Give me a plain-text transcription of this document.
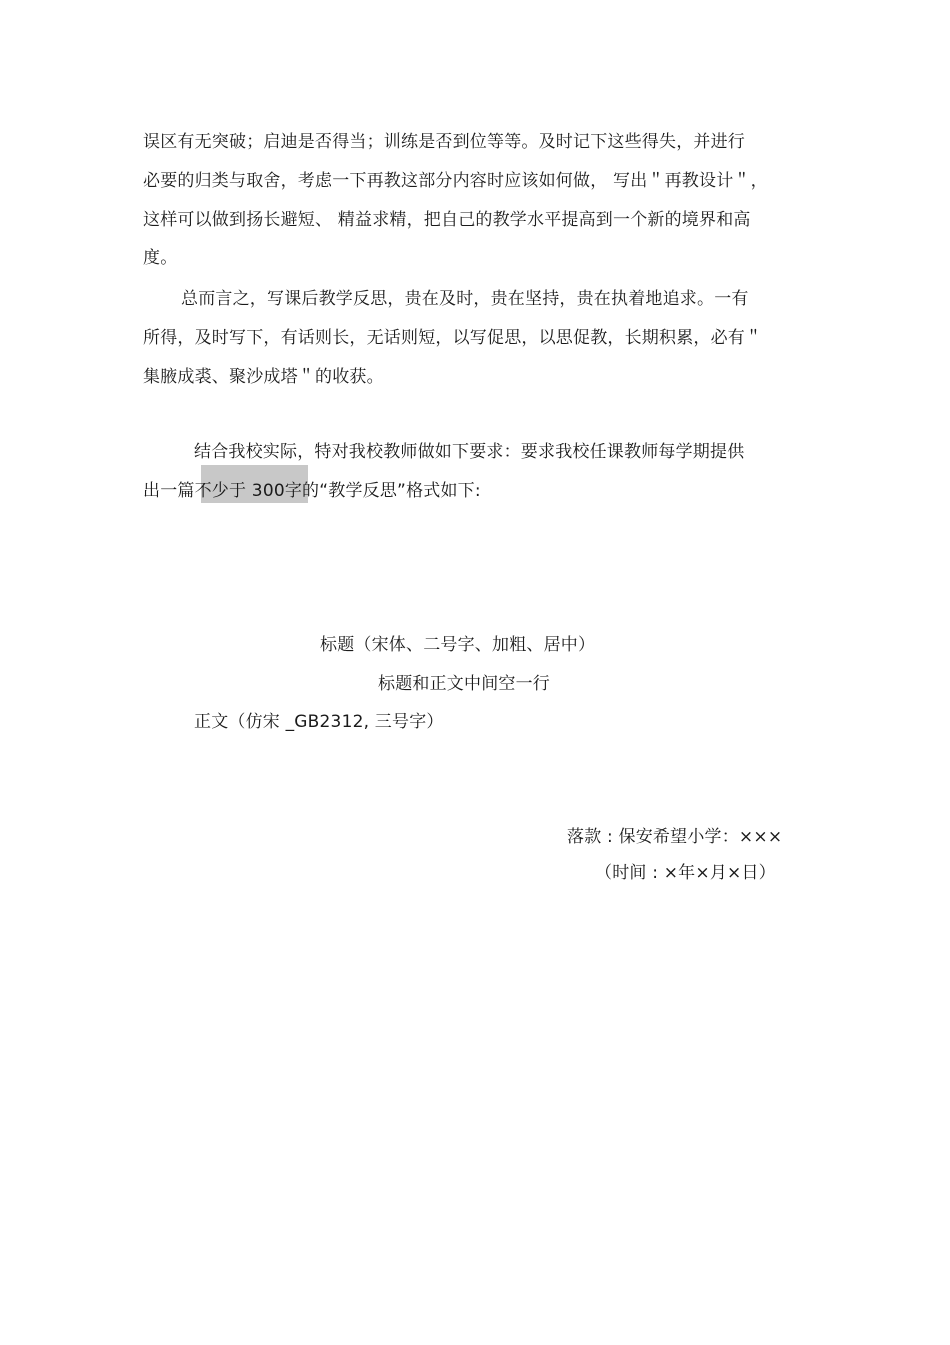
误区有无突破；启迪是否得当；训练是否到位等等。及时记下这些得失，并进行
必要的归类与取舍，考虑一下再教这部分内容时应该如何做， 写出＂再教设计＂，
这样可以做到扬长避短、 精益求精，把自己的教学水平提高到一个新的境界和高
度。
总而言之，写课后教学反思，贵在及时，贵在坚持，贵在执着地追求。一有
所得，及时写下，有话则长，无话则短，以写促思，以思促教，长期积累，必有＂
集腋成裘、聚沙成塔＂的收获。
结合我校实际，特对我校教师做如下要求：要求我校任课教师每学期提供
出一篇不少于 300字的“教学反思”格式如下:
标题（宋体、二号字、加粗、居中）
标题和正文中间空一行
正文（仿宋 _GB2312, 三号字）
落款 : 保安希望小学：×××
（时间 : ×年×月×日）
